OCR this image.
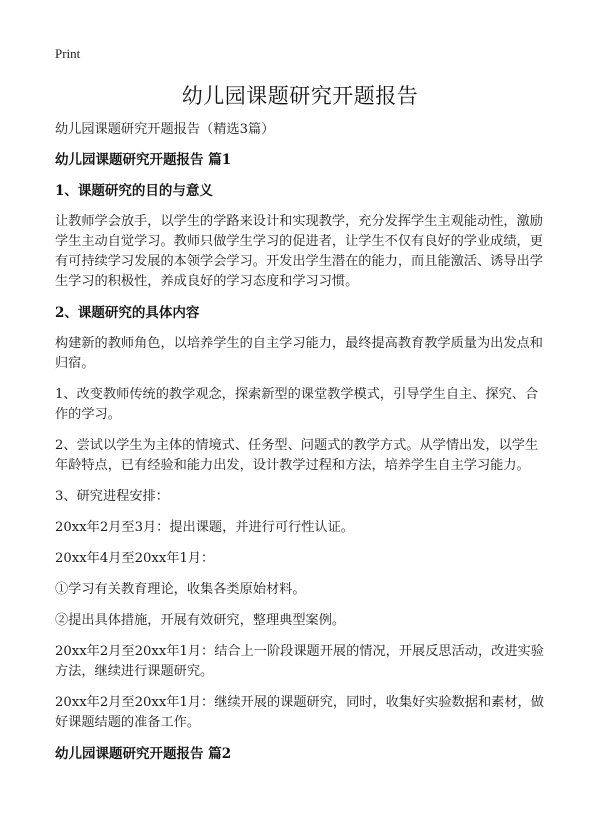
Print
幼儿园课题研究开题报告

幼儿园课题研究开题报告（精选3篇）

幼儿园课题研究开题报告 篇1

1、课题研究的目的与意义

让教师学会放手，以学生的学路来设计和实现教学，充分发挥学生主观能动性，激励学生主动自觉学习。教师只做学生学习的促进者，让学生不仅有良好的学业成绩，更有可持续学习发展的本领学会学习。开发出学生潜在的能力，而且能激活、诱导出学生学习的积极性，养成良好的学习态度和学习习惯。

2、课题研究的具体内容

构建新的教师角色，以培养学生的自主学习能力，最终提高教育教学质量为出发点和归宿。

1、改变教师传统的教学观念，探索新型的课堂教学模式，引导学生自主、探究、合作的学习。

2、尝试以学生为主体的情境式、任务型、问题式的教学方式。从学情出发，以学生年龄特点，已有经验和能力出发，设计教学过程和方法，培养学生自主学习能力。

3、研究进程安排：

20xx年2月至3月：提出课题，并进行可行性认证。

20xx年4月至20xx年1月：

①学习有关教育理论，收集各类原始材料。

②提出具体措施，开展有效研究，整理典型案例。

20xx年2月至20xx年1月：结合上一阶段课题开展的情况，开展反思活动，改进实验方法，继续进行课题研究。

20xx年2月至20xx年1月：继续开展的课题研究，同时，收集好实验数据和素材，做好课题结题的准备工作。

幼儿园课题研究开题报告 篇2
